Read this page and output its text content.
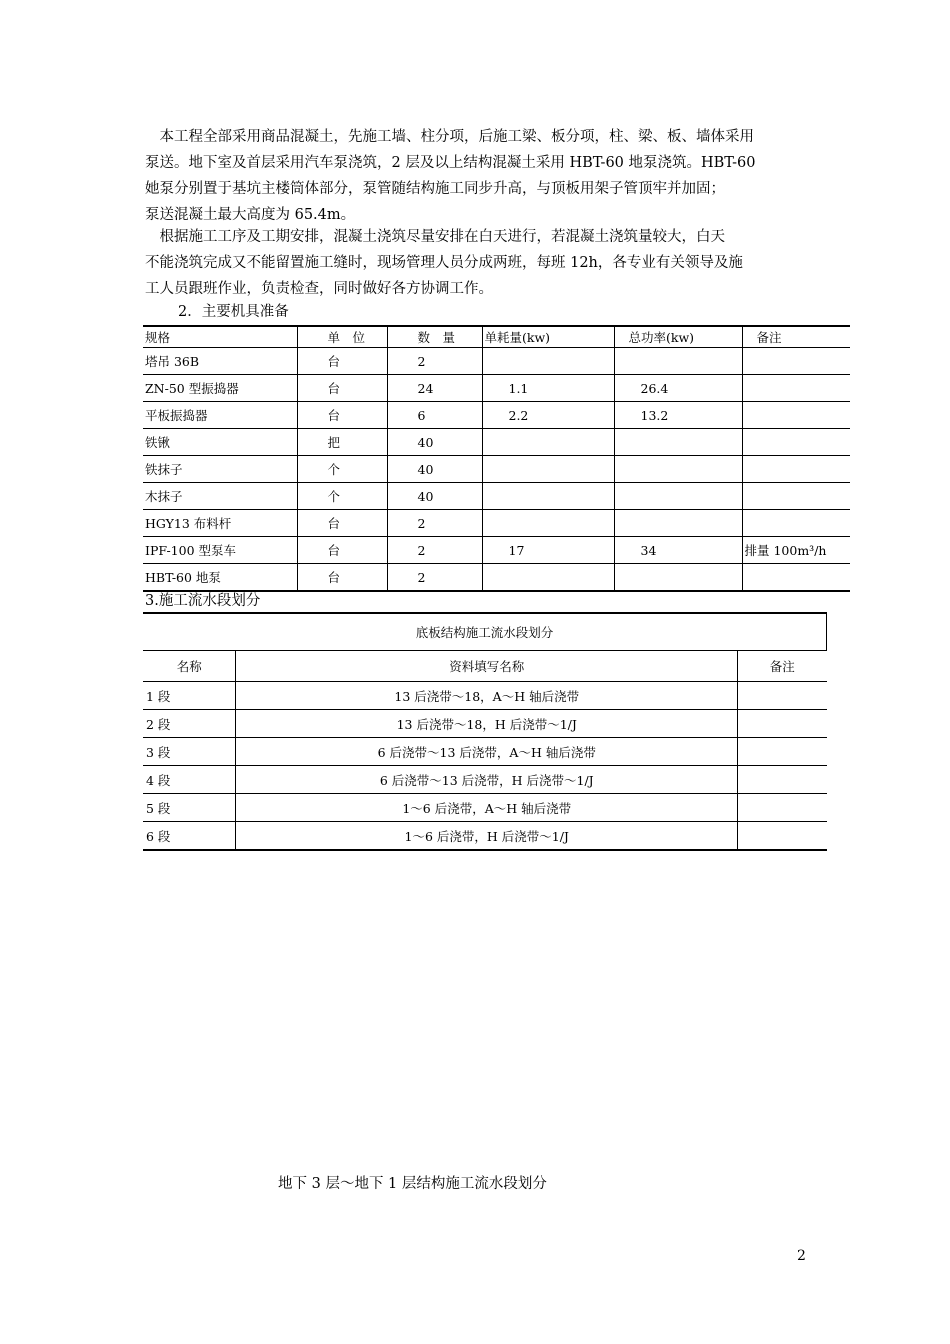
　本工程全部采用商品混凝土，先施工墙、柱分项，后施工梁、板分项，柱、梁、板、墙体采用
泵送。地下室及首层采用汽车泵浇筑，2 层及以上结构混凝土采用 HBT-60 地泵浇筑。HBT-60
她泵分别置于基坑主楼筒体部分，泵管随结构施工同步升高，与顶板用架子管顶牢并加固；
泵送混凝土最大高度为 65.4m。
　根据施工工序及工期安排，混凝土浇筑尽量安排在白天进行，若混凝土浇筑量较大，白天
不能浇筑完成又不能留置施工缝时，现场管理人员分成两班，每班 12h，各专业有关领导及施
工人员跟班作业，负责检查，同时做好各方协调工作。
2．主要机具准备
规格	单　位	数　量	单耗量(kw)	总功率(kw)	备注
塔吊 36B	台	2			
ZN-50 型振捣器	台	24	1.1	26.4	
平板振捣器	台	6	2.2	13.2	
铁锹	把	40			
铁抹子	个	40			
木抹子	个	40			
HGY13 布料杆	台	2			
IPF-100 型泵车	台	2	17	34	排量 100m³/h
HBT-60 地泵	台	2			
3.施工流水段划分
底板结构施工流水段划分		
名称	资料填写名称	备注
1 段	13 后浇带～18，A～H 轴后浇带	
2 段	13 后浇带～18，H 后浇带～1/J	
3 段	6 后浇带～13 后浇带，A～H 轴后浇带	
4 段	6 后浇带～13 后浇带，H 后浇带～1/J	
5 段	1～6 后浇带，A～H 轴后浇带	
6 段	1～6 后浇带，H 后浇带～1/J	
地下 3 层～地下 1 层结构施工流水段划分
2
